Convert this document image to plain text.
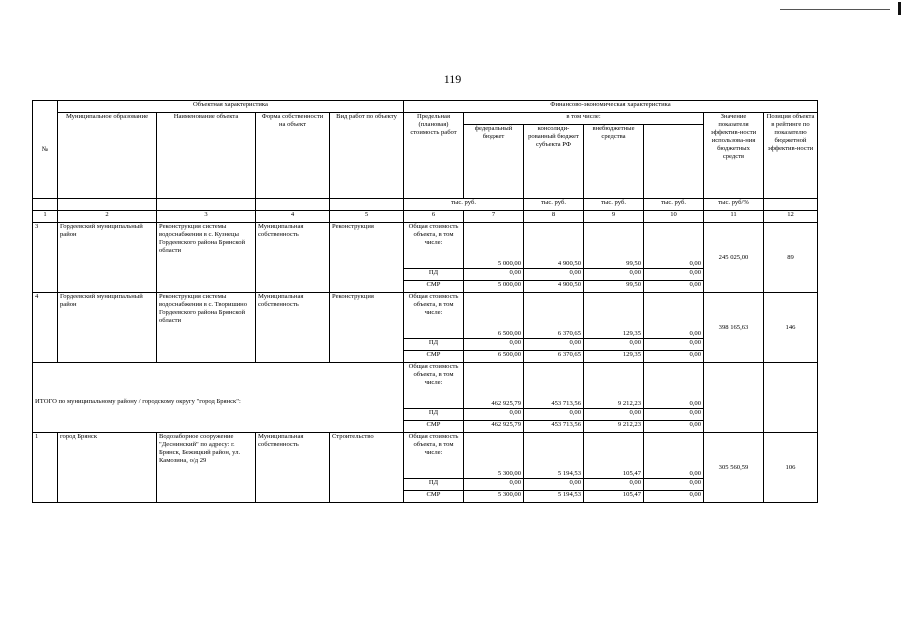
119
№	Объектная характеристика				Финансово-экономическая характеристика						
	Муниципальное образование	Наименование объекта	Форма собственности на объект	Вид работ по объекту	Предельная (плановая) стоимость работ	в том числе:				Значение показателя эффектив-ности использова-ния бюджетных средств	Позиция объекта в рейтинге по показателю бюджетной эффектив-ности
						федеральный бюджет	консолиди-рованный бюджет субъекта РФ	внебюджетные средства			
					тыс. руб.		тыс. руб.	тыс. руб.	тыс. руб.	тыс. руб/%	
1	2	3	4	5	6	7	8	9	10	11	12
3	Гордеевский муниципальный район	Реконструкция системы водоснабжения в с. Кузнецы Гордеевского района Брянской области	Муниципальная собственность	Реконструкция	Общая стоимость объекта, в том числе:	5 000,00	4 900,50	99,50	0,00	245 025,00	89
					ПД	0,00	0,00	0,00	0,00		
					СМР	5 000,00	4 900,50	99,50	0,00		
4	Гордеевский муниципальный район	Реконструкция системы водоснабжения в с. Творишино Гордеевского района Брянской области	Муниципальная собственность	Реконструкция	Общая стоимость объекта, в том числе:	6 500,00	6 370,65	129,35	0,00	398 165,63	146
					ПД	0,00	0,00	0,00	0,00		
					СМР	6 500,00	6 370,65	129,35	0,00		
ИТОГО по муниципальному району / городскому округу "город Брянск":					Общая стоимость объекта, в том числе:	462 925,79	453 713,56	9 212,23	0,00		
					ПД	0,00	0,00	0,00	0,00		
					СМР	462 925,79	453 713,56	9 212,23	0,00		
1	город Брянск	Водозаборное сооружение "Деснинский" по адресу: г. Брянск, Бежицкий район, ул. Камозина, о/д 29	Муниципальная собственность	Строительство	Общая стоимость объекта, в том числе:	5 300,00	5 194,53	105,47	0,00	305 560,59	106
					ПД	0,00	0,00	0,00	0,00		
					СМР	5 300,00	5 194,53	105,47	0,00		
